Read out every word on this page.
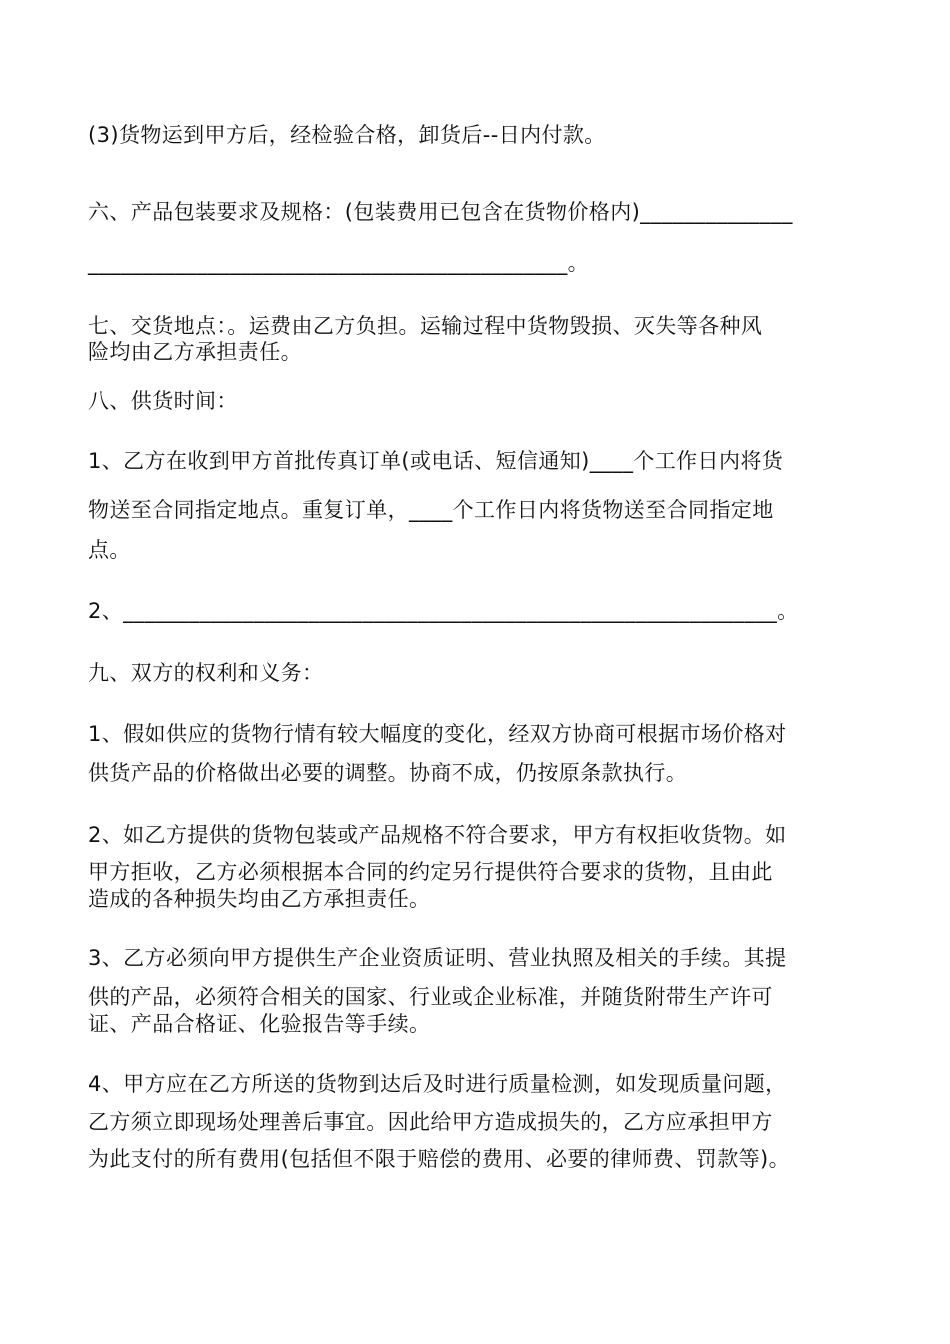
(3)货物运到甲方后，经检验合格，卸货后--日内付款。
六、产品包装要求及规格：(包装费用已包含在货物价格内)______________
____________________________________________。
七、交货地点：。运费由乙方负担。运输过程中货物毁损、灭失等各种风
险均由乙方承担责任。
八、供货时间：
1、乙方在收到甲方首批传真订单(或电话、短信通知)____个工作日内将货
物送至合同指定地点。重复订单，____个工作日内将货物送至合同指定地
点。
2、____________________________________________________________。
九、双方的权利和义务：
1、假如供应的货物行情有较大幅度的变化，经双方协商可根据市场价格对
供货产品的价格做出必要的调整。协商不成，仍按原条款执行。
2、如乙方提供的货物包装或产品规格不符合要求，甲方有权拒收货物。如
甲方拒收，乙方必须根据本合同的约定另行提供符合要求的货物，且由此
造成的各种损失均由乙方承担责任。
3、乙方必须向甲方提供生产企业资质证明、营业执照及相关的手续。其提
供的产品，必须符合相关的国家、行业或企业标准，并随货附带生产许可
证、产品合格证、化验报告等手续。
4、甲方应在乙方所送的货物到达后及时进行质量检测，如发现质量问题，
乙方须立即现场处理善后事宜。因此给甲方造成损失的，乙方应承担甲方
为此支付的所有费用(包括但不限于赔偿的费用、必要的律师费、罚款等)。
